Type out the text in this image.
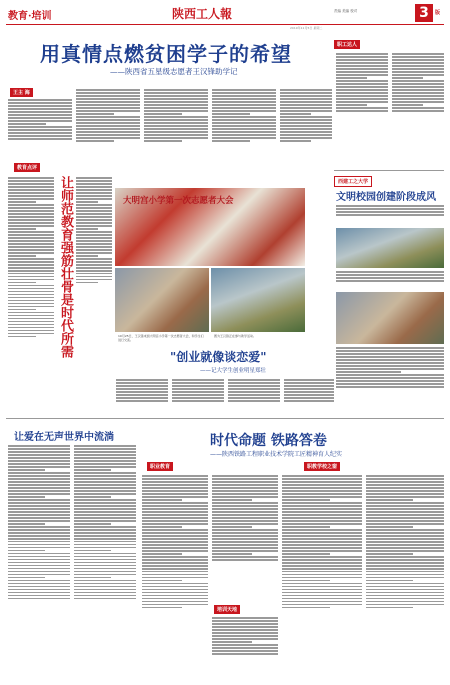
教育·培训	陕西工人報	责编 美编 校对	3	版
2019年11月5日 星期二
用真情点燃贫困学子的希望
——陕西省五星级志愿者王汉锋助学记
职工达人
王主 海
教育点评
让师范教育强筋壮骨是时代所需	大明宫小学第一次志愿者大会
10月25日，王汉锋来到大明宫小学第一次志愿者大会，和学生们进行交流。
图为王汉锋正在参与助学活动。
"创业就像谈恋爱"
——记大学生创业明星郑壮
西建工之大学
文明校园创建阶段成风
让爱在无声世界中流淌	时代命题 铁路答卷
——陕西铁路工程职业技术学院工匠精神育人纪实
职业教育	职教学校之窗
培训天地
